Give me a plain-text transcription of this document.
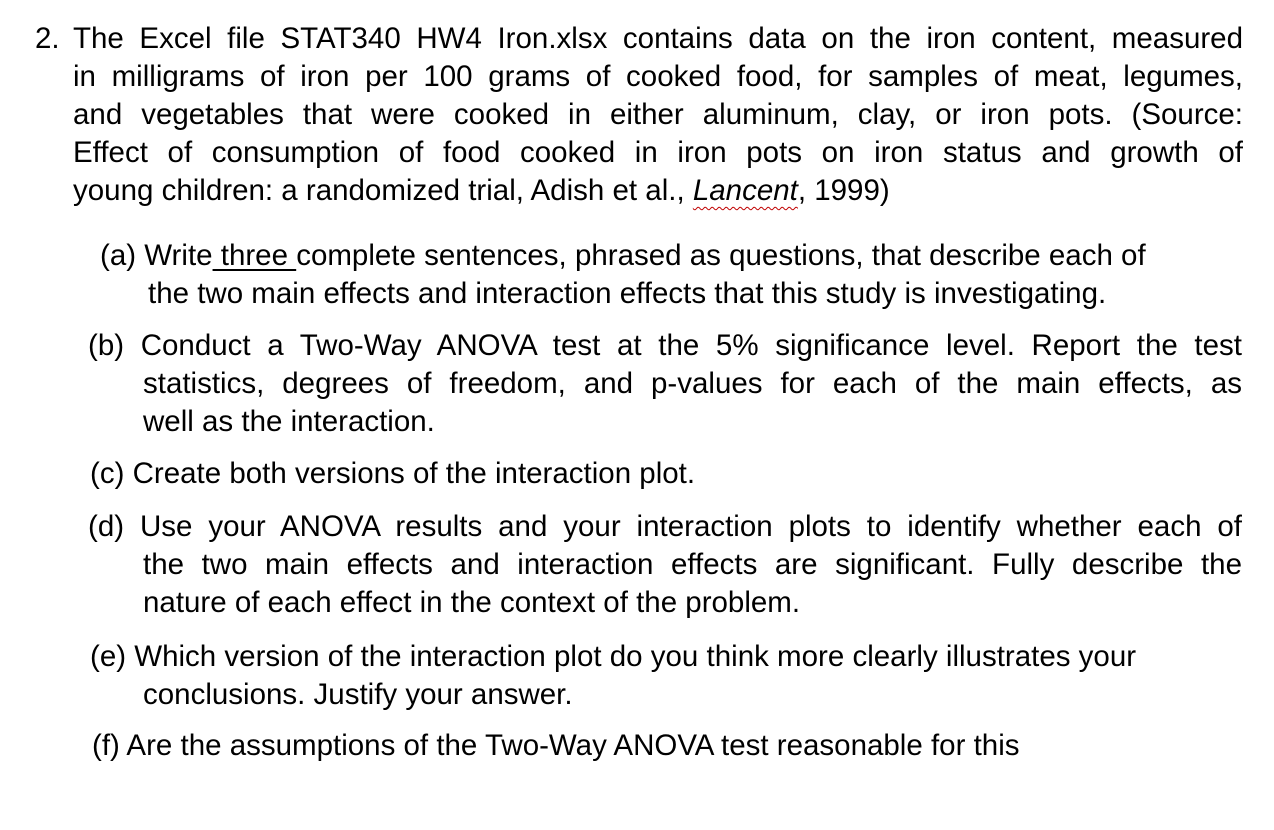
2. The Excel file STAT340 HW4 Iron.xlsx contains data on the iron content, measured
in milligrams of iron per 100 grams of cooked food, for samples of meat, legumes,
and vegetables that were cooked in either aluminum, clay, or iron pots. (Source:
Effect of consumption of food cooked in iron pots on iron status and growth of
young children: a randomized trial, Adish et al., Lancent, 1999)
(a) Write three complete sentences, phrased as questions, that describe each of
the two main effects and interaction effects that this study is investigating.
(b) Conduct a Two-Way ANOVA test at the 5% significance level. Report the test
statistics, degrees of freedom, and p-values for each of the main effects, as
well as the interaction.
(c) Create both versions of the interaction plot.
(d) Use your ANOVA results and your interaction plots to identify whether each of
the two main effects and interaction effects are significant. Fully describe the
nature of each effect in the context of the problem.
(e) Which version of the interaction plot do you think more clearly illustrates your
conclusions. Justify your answer.
(f) Are the assumptions of the Two-Way ANOVA test reasonable for this
